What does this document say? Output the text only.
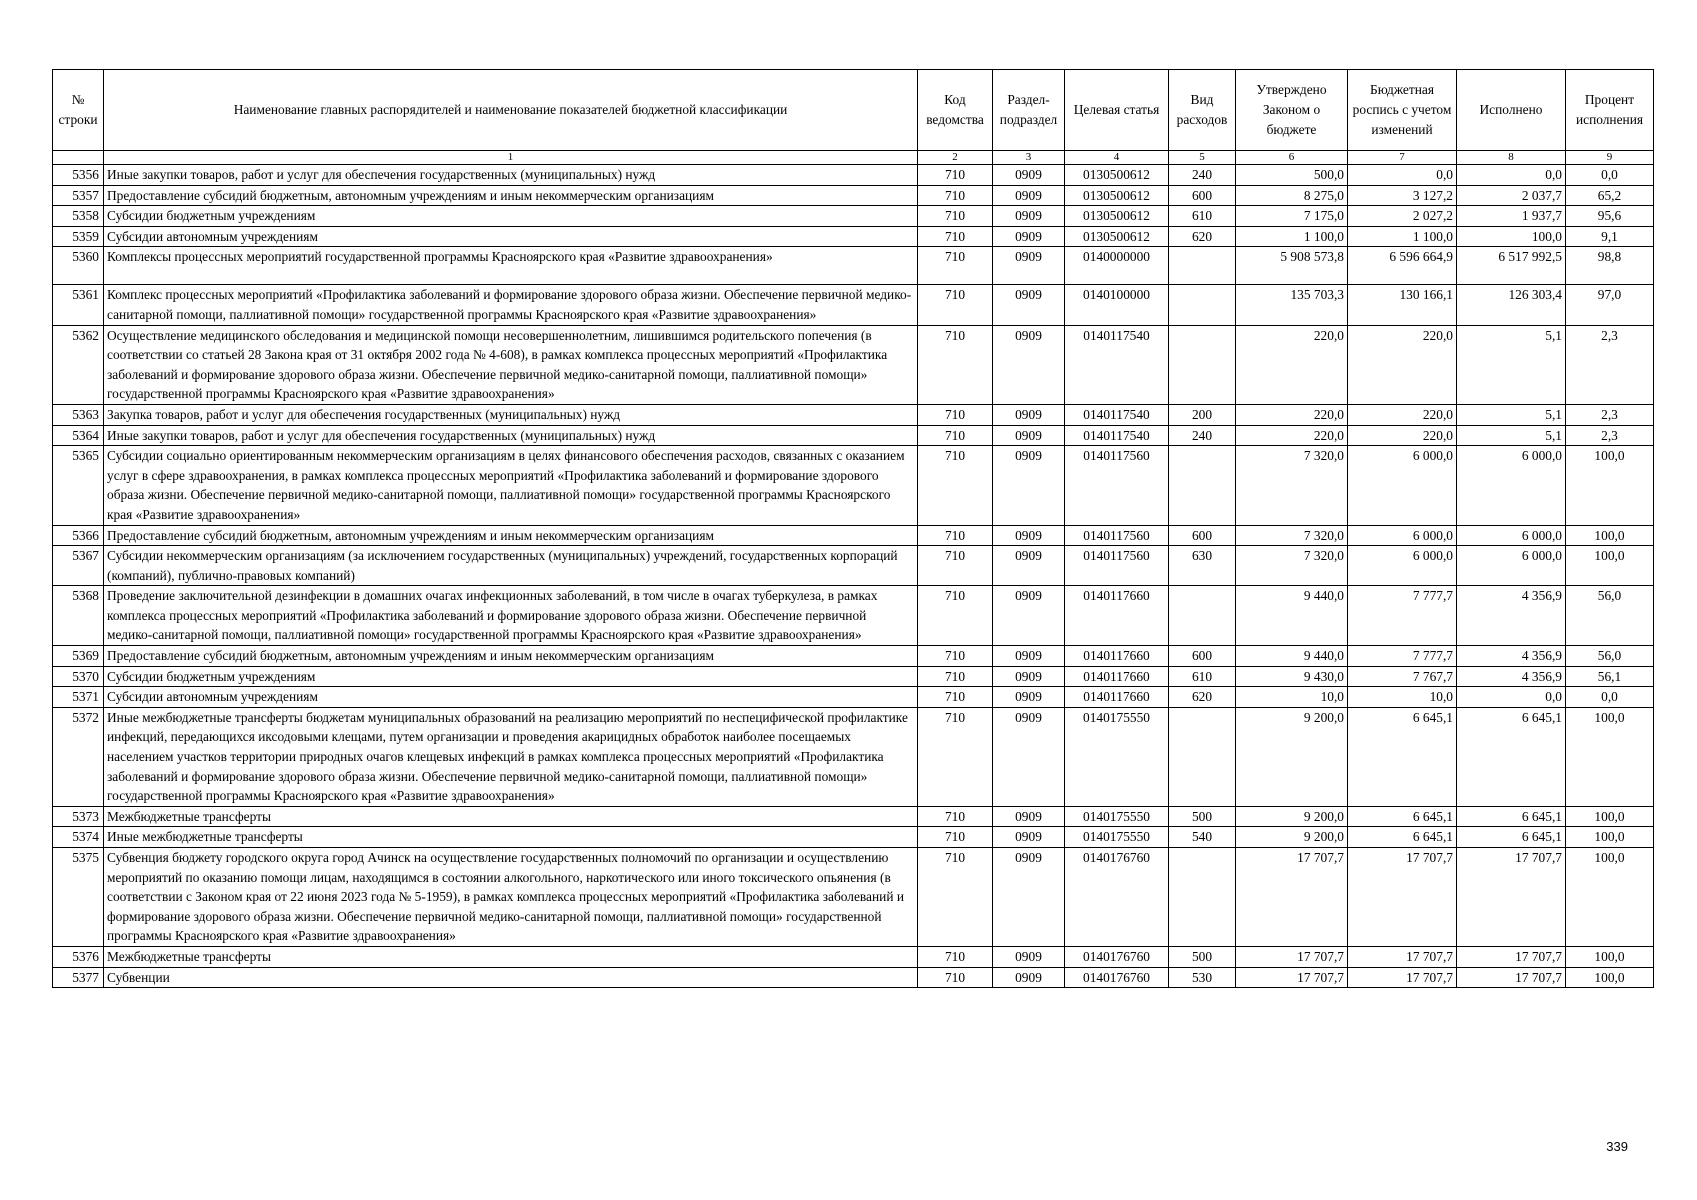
№ строки	Наименование главных распорядителей и наименование показателей бюджетной классификации	Код ведомства	Раздел-подраздел	Целевая статья	Вид расходов	Утверждено Законом о бюджете	Бюджетная роспись с учетом изменений	Исполнено	Процент исполнения
	1	2	3	4	5	6	7	8	9
5356	Иные закупки товаров, работ и услуг для обеспечения государственных (муниципальных) нужд	710	0909	0130500612	240	500,0	0,0	0,0	0,0
5357	Предоставление субсидий бюджетным, автономным учреждениям и иным некоммерческим организациям	710	0909	0130500612	600	8 275,0	3 127,2	2 037,7	65,2
5358	Субсидии бюджетным учреждениям	710	0909	0130500612	610	7 175,0	2 027,2	1 937,7	95,6
5359	Субсидии автономным учреждениям	710	0909	0130500612	620	1 100,0	1 100,0	100,0	9,1
5360	Комплексы процессных мероприятий государственной программы Красноярского края «Развитие здравоохранения»	710	0909	0140000000		5 908 573,8	6 596 664,9	6 517 992,5	98,8
5361	Комплекс процессных мероприятий «Профилактика заболеваний и формирование здорового образа жизни. Обеспечение первичной медико-санитарной помощи, паллиативной помощи» государственной программы Красноярского края «Развитие здравоохранения»	710	0909	0140100000		135 703,3	130 166,1	126 303,4	97,0
5362	Осуществление медицинского обследования и медицинской помощи несовершеннолетним, лишившимся родительского попечения (в соответствии со статьей 28 Закона края от 31 октября 2002 года № 4-608), в рамках комплекса процессных мероприятий «Профилактика заболеваний и формирование здорового образа жизни. Обеспечение первичной медико-санитарной помощи, паллиативной помощи» государственной программы Красноярского края «Развитие здравоохранения»	710	0909	0140117540		220,0	220,0	5,1	2,3
5363	Закупка товаров, работ и услуг для обеспечения государственных (муниципальных) нужд	710	0909	0140117540	200	220,0	220,0	5,1	2,3
5364	Иные закупки товаров, работ и услуг для обеспечения государственных (муниципальных) нужд	710	0909	0140117540	240	220,0	220,0	5,1	2,3
5365	Субсидии социально ориентированным некоммерческим организациям в целях финансового обеспечения расходов, связанных с оказанием услуг в сфере здравоохранения, в рамках комплекса процессных мероприятий «Профилактика заболеваний и формирование здорового образа жизни. Обеспечение первичной медико-санитарной помощи, паллиативной помощи» государственной программы Красноярского края «Развитие здравоохранения»	710	0909	0140117560		7 320,0	6 000,0	6 000,0	100,0
5366	Предоставление субсидий бюджетным, автономным учреждениям и иным некоммерческим организациям	710	0909	0140117560	600	7 320,0	6 000,0	6 000,0	100,0
5367	Субсидии некоммерческим организациям (за исключением государственных (муниципальных) учреждений, государственных корпораций (компаний), публично-правовых компаний)	710	0909	0140117560	630	7 320,0	6 000,0	6 000,0	100,0
5368	Проведение заключительной дезинфекции в домашних очагах инфекционных заболеваний, в том числе в очагах туберкулеза, в рамках комплекса процессных мероприятий «Профилактика заболеваний и формирование здорового образа жизни. Обеспечение первичной медико-санитарной помощи, паллиативной помощи» государственной программы Красноярского края «Развитие здравоохранения»	710	0909	0140117660		9 440,0	7 777,7	4 356,9	56,0
5369	Предоставление субсидий бюджетным, автономным учреждениям и иным некоммерческим организациям	710	0909	0140117660	600	9 440,0	7 777,7	4 356,9	56,0
5370	Субсидии бюджетным учреждениям	710	0909	0140117660	610	9 430,0	7 767,7	4 356,9	56,1
5371	Субсидии автономным учреждениям	710	0909	0140117660	620	10,0	10,0	0,0	0,0
5372	Иные межбюджетные трансферты бюджетам муниципальных образований на реализацию мероприятий по неспецифической профилактике инфекций, передающихся иксодовыми клещами, путем организации и проведения акарицидных обработок наиболее посещаемых населением участков территории природных очагов клещевых инфекций в рамках комплекса процессных мероприятий «Профилактика заболеваний и формирование здорового образа жизни. Обеспечение первичной медико-санитарной помощи, паллиативной помощи» государственной программы Красноярского края «Развитие здравоохранения»	710	0909	0140175550		9 200,0	6 645,1	6 645,1	100,0
5373	Межбюджетные трансферты	710	0909	0140175550	500	9 200,0	6 645,1	6 645,1	100,0
5374	Иные межбюджетные трансферты	710	0909	0140175550	540	9 200,0	6 645,1	6 645,1	100,0
5375	Субвенция бюджету городского округа город Ачинск на осуществление государственных полномочий по организации и осуществлению мероприятий по оказанию помощи лицам, находящимся в состоянии алкогольного, наркотического или иного токсического опьянения (в соответствии с Законом края от 22 июня 2023 года № 5-1959), в рамках комплекса процессных мероприятий «Профилактика заболеваний и формирование здорового образа жизни. Обеспечение первичной медико-санитарной помощи, паллиативной помощи» государственной программы Красноярского края «Развитие здравоохранения»	710	0909	0140176760		17 707,7	17 707,7	17 707,7	100,0
5376	Межбюджетные трансферты	710	0909	0140176760	500	17 707,7	17 707,7	17 707,7	100,0
5377	Субвенции	710	0909	0140176760	530	17 707,7	17 707,7	17 707,7	100,0
339
